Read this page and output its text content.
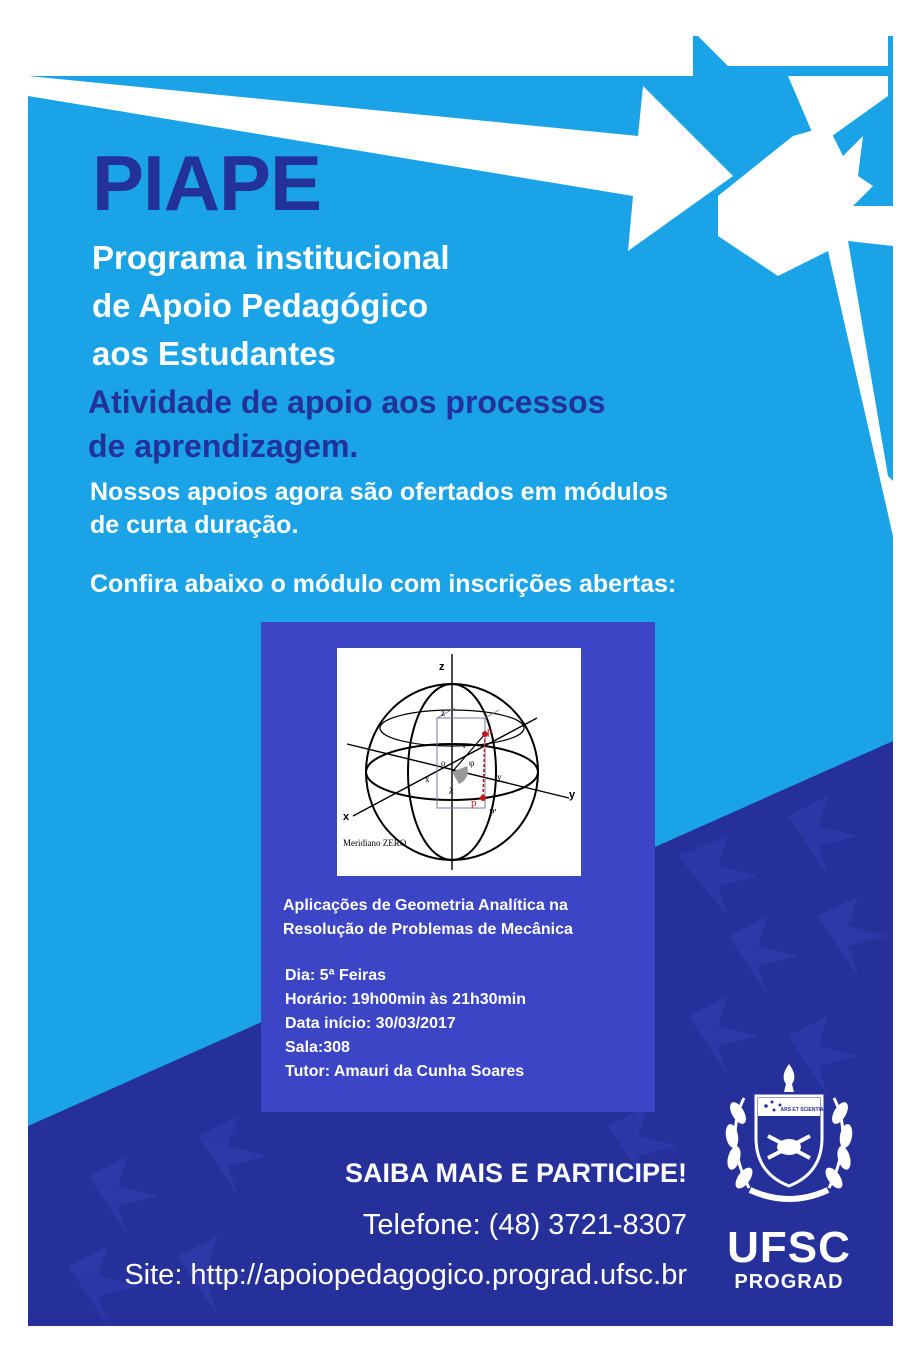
PIAPE
Programa institucional
de Apoio Pedagógico
aos Estudantes
Atividade de apoio aos processos
de aprendizagem.
Nossos apoios agora são ofertados em módulos
de curta duração.
Confira abaixo o módulo com inscrições abertas:
z
y
x
z
x	y
o
r
φ
λ
p
p
P'
Meridiano ZERO
Aplicações de Geometria Analítica na
Resolução de Problemas de Mecânica
Dia: 5ª Feiras
Horário: 19h00min às 21h30min
Data início: 30/03/2017
Sala:308
Tutor: Amauri da Cunha Soares
SAIBA MAIS E PARTICIPE!
Telefone: (48) 3721-8307
Site: http://apoiopedagogico.prograd.ufsc.br
ARS ET SCIENTIA
UFSC
PROGRAD
